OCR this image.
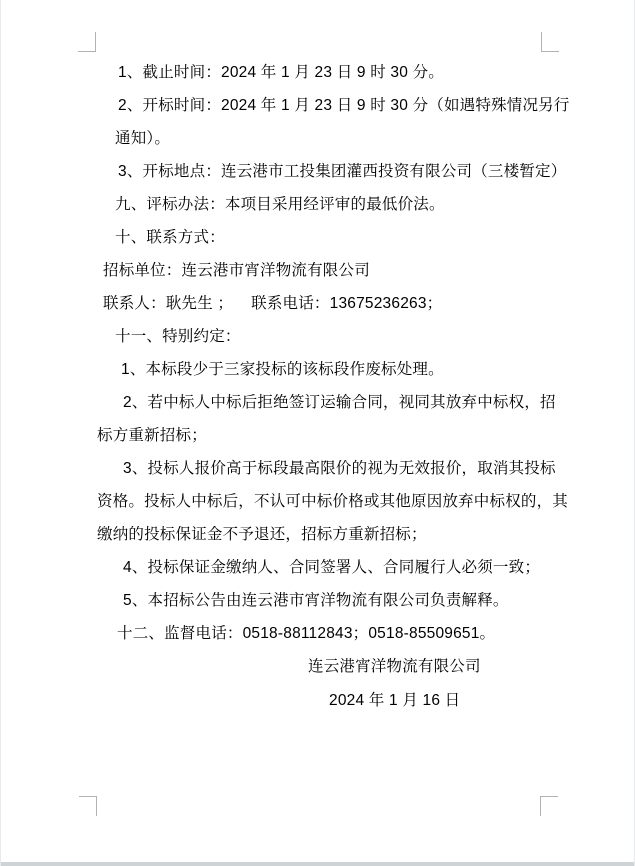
1、截止时间：2024 年 1 月 23 日 9 时 30 分。
2、开标时间：2024 年 1 月 23 日 9 时 30 分（如遇特殊情况另行
通知）。
3、开标地点：连云港市工投集团灌西投资有限公司（三楼暂定）
九、评标办法：本项目采用经评审的最低价法。
十、联系方式：
招标单位：连云港市宵洋物流有限公司
联系人：耿先生 ；    联系电话：13675236263；
十一、特别约定：
1、本标段少于三家投标的该标段作废标处理。
2、若中标人中标后拒绝签订运输合同，视同其放弃中标权，招
标方重新招标；
3、投标人报价高于标段最高限价的视为无效报价，取消其投标
资格。投标人中标后，不认可中标价格或其他原因放弃中标权的，其
缴纳的投标保证金不予退还，招标方重新招标；
4、投标保证金缴纳人、合同签署人、合同履行人必须一致；
5、本招标公告由连云港市宵洋物流有限公司负责解释。
十二、监督电话：0518-88112843；0518-85509651。
连云港宵洋物流有限公司
2024 年 1 月 16 日
